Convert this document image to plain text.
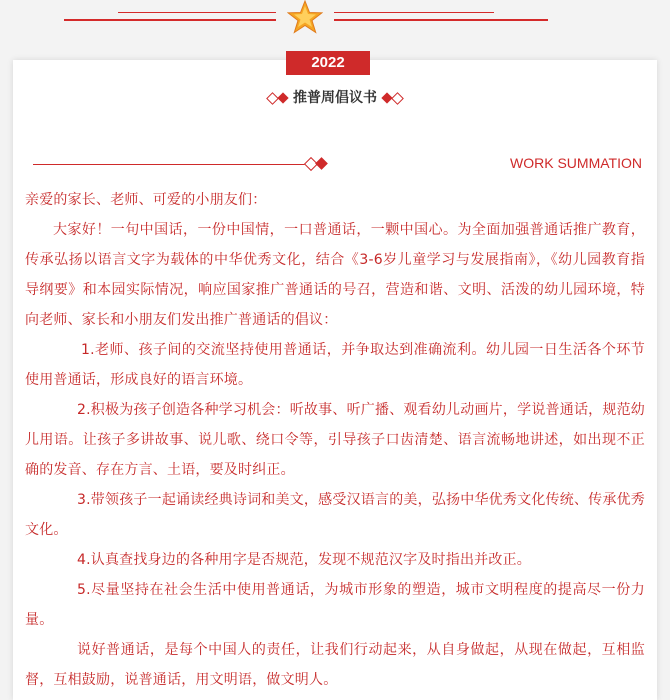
2022
推普周倡议书
WORK SUMMATION

亲爱的家长、老师、可爱的小朋友们：

大家好！一句中国话，一份中国情，一口普通话，一颗中国心。为全面加强普通话推广教育，传承弘扬以语言文字为载体的中华优秀文化，结合《3-6岁儿童学习与发展指南》，《幼儿园教育指导纲要》和本园实际情况，响应国家推广普通话的号召，营造和谐、文明、活泼的幼儿园环境，特向老师、家长和小朋友们发出推广普通话的倡议：

1.老师、孩子间的交流坚持使用普通话，并争取达到准确流利。幼儿园一日生活各个环节使用普通话，形成良好的语言环境。

2.积极为孩子创造各种学习机会：听故事、听广播、观看幼儿动画片，学说普通话，规范幼儿用语。让孩子多讲故事、说儿歌、绕口令等，引导孩子口齿清楚、语言流畅地讲述，如出现不正确的发音、存在方言、土语，要及时纠正。

3.带领孩子一起诵读经典诗词和美文，感受汉语言的美，弘扬中华优秀文化传统、传承优秀文化。

4.认真查找身边的各种用字是否规范，发现不规范汉字及时指出并改正。

5.尽量坚持在社会生活中使用普通话，为城市形象的塑造，城市文明程度的提高尽一份力量。

说好普通话，是每个中国人的责任，让我们行动起来，从自身做起，从现在做起，互相监督，互相鼓励，说普通话，用文明语，做文明人。
